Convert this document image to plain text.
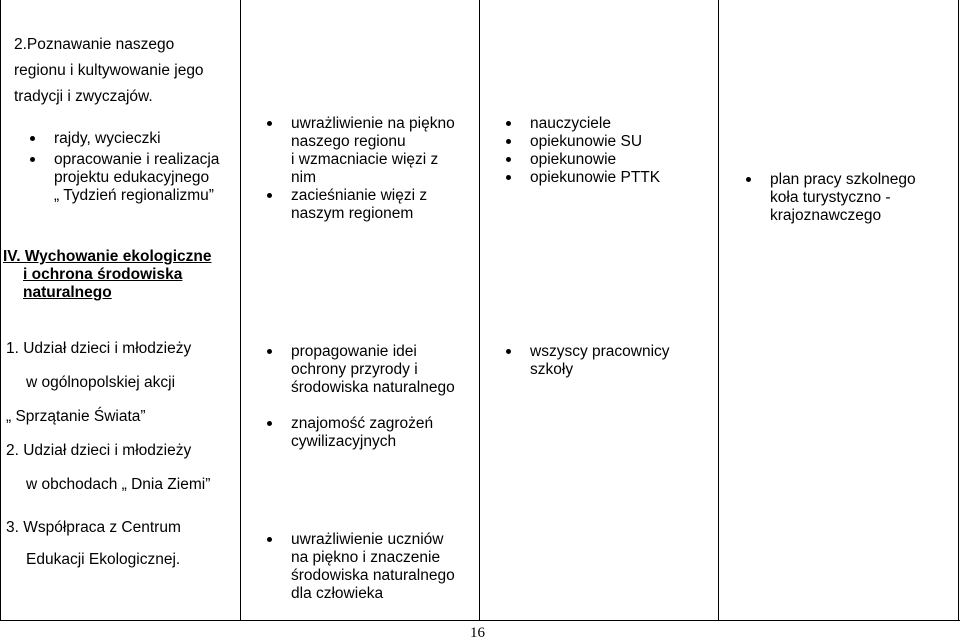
2.Poznawanie naszego

regionu i kultywowanie jego

tradycji i zwyczajów.

rajdy, wycieczki
opracowanie i realizacja
projektu edukacyjnego
„ Tydzień regionalizmu”
uwrażliwienie na piękno
naszego regionu
i wzmacniacie więzi z
nim
zacieśnianie więzi z
naszym regionem
nauczyciele
opiekunowie SU
opiekunowie
opiekunowie PTTK	plan pracy szkolnego
koła turystyczno -
krajoznawczego
IV. Wychowanie ekologiczne
i ochrona środowiska
naturalnego

1. Udział dzieci i młodzieży

w ogólnopolskiej akcji

„ Sprzątanie Świata”

2. Udział dzieci i młodzieży

w obchodach „ Dnia Ziemi”

propagowanie idei
ochrony przyrody i
środowiska naturalnego
znajomość zagrożeń
cywilizacyjnych
wszyscy pracownicy
szkoły

3. Współpraca z Centrum

Edukacji Ekologicznej.

uwrażliwienie uczniów
na piękno i znaczenie
środowiska naturalnego
dla człowieka
16
